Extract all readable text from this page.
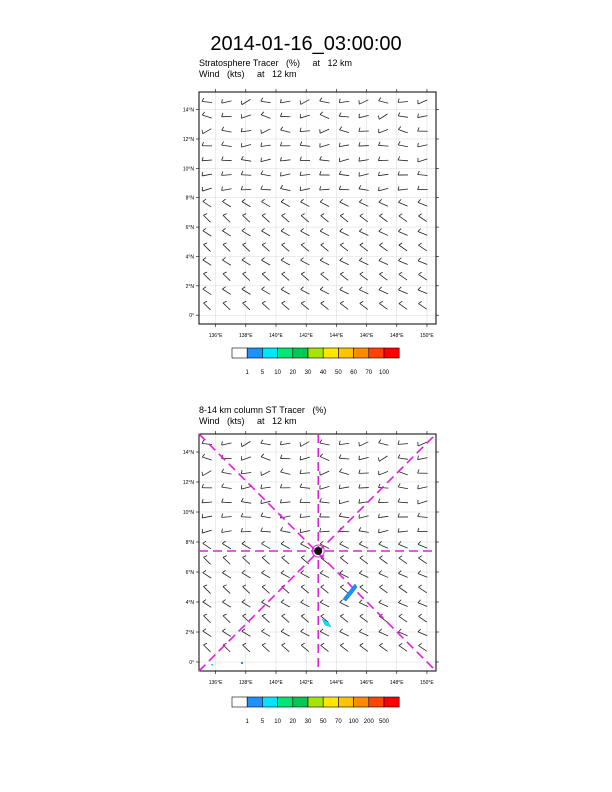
2014-01-16_03:00:00
Stratosphere Tracer   (%)     at   12 km
Wind   (kts)     at   12 km
8-14 km column ST Tracer   (%)
Wind   (kts)     at   12 km
136°E	138°E	140°E	142°E	144°E	146°E	148°E	150°E
0°
2°N
4°N
6°N
8°N
10°N
12°N
14°N
1 5 10 20 30 40 50 60 70 100
136°E	138°E	140°E	142°E	144°E	146°E	148°E	150°E
0°
2°N
4°N
6°N
8°N
10°N
12°N
14°N
1 5 10 20 30 50 70 100 200 500
